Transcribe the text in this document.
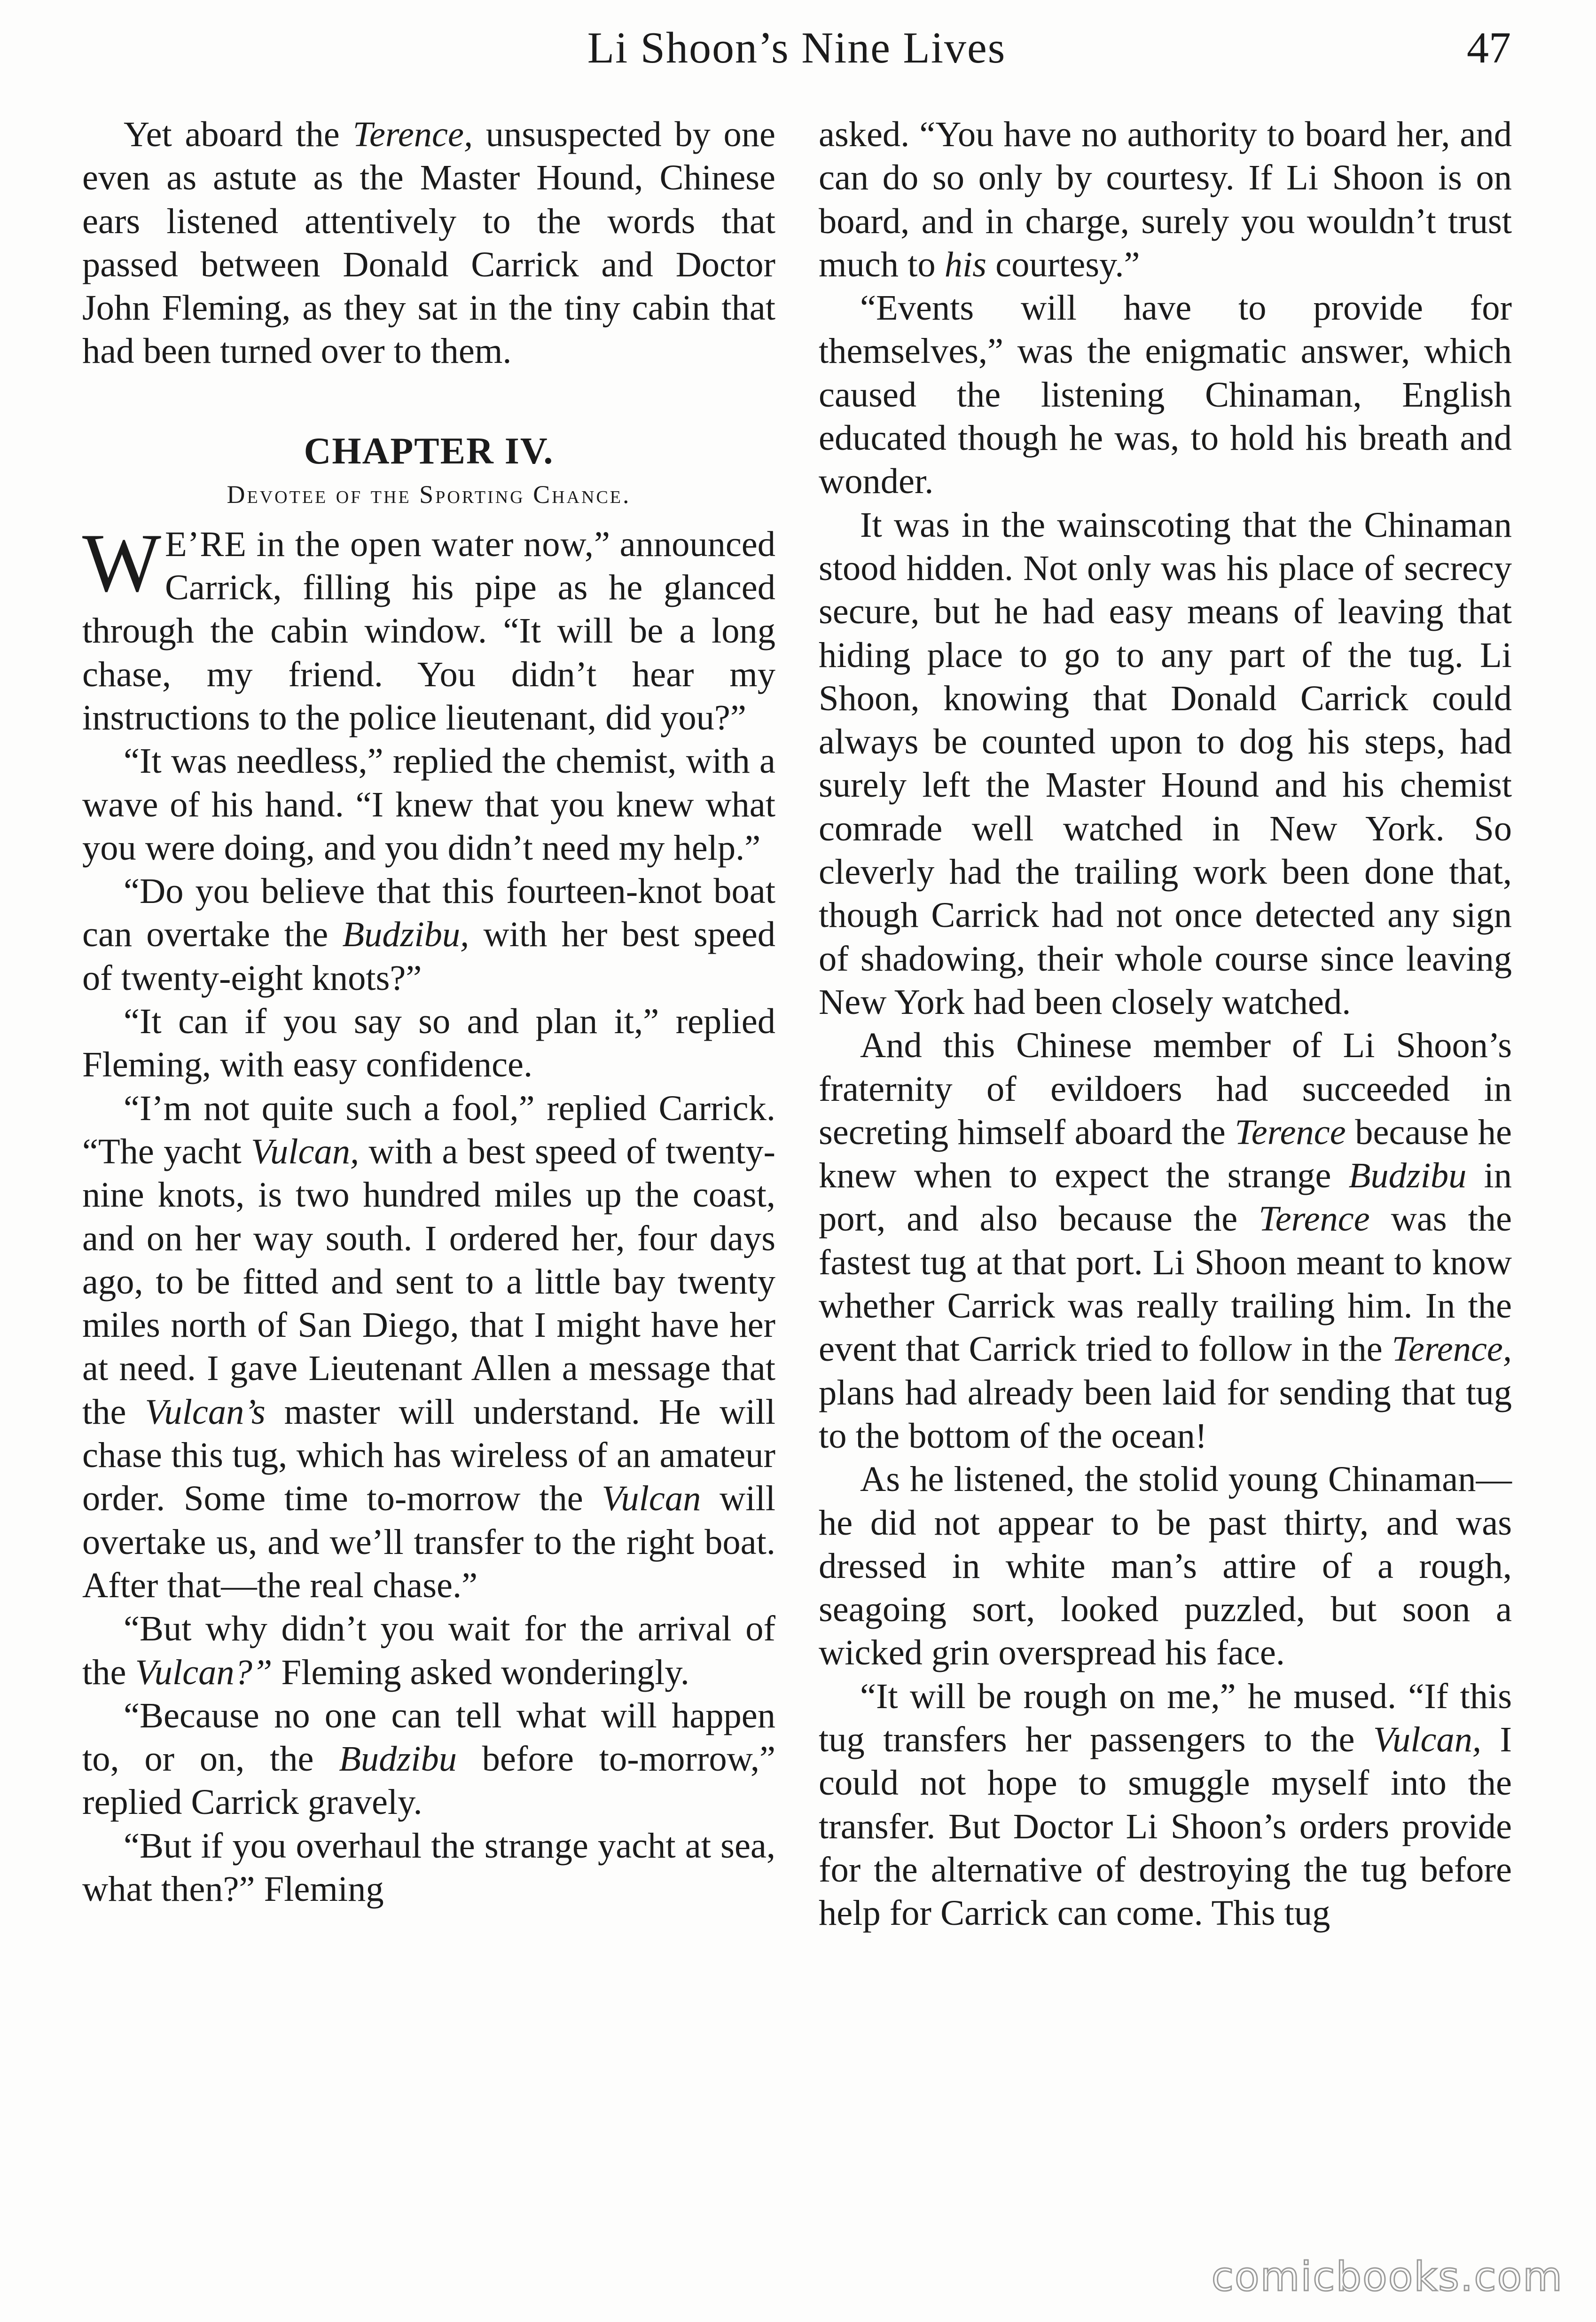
Li Shoon’s Nine Lives	47

Yet aboard the Terence, unsuspected by one even as astute as the Master Hound, Chinese ears listened attentively to the words that passed between Donald Carrick and Doctor John Fleming, as they sat in the tiny cabin that had been turned over to them.

CHAPTER IV.
Devotee of the Sporting Chance.

W E’RE in the open water now,” announced Carrick, filling his pipe as he glanced through the cabin window. “It will be a long chase, my friend. You didn’t hear my instructions to the police lieutenant, did you?”

“It was needless,” replied the chemist, with a wave of his hand. “I knew that you knew what you were doing, and you didn’t need my help.”

“Do you believe that this fourteen-knot boat can overtake the Budzibu, with her best speed of twenty-eight knots?”

“It can if you say so and plan it,” replied Fleming, with easy confidence.

“I’m not quite such a fool,” replied Carrick. “The yacht Vulcan, with a best speed of twenty-nine knots, is two hundred miles up the coast, and on her way south. I ordered her, four days ago, to be fitted and sent to a little bay twenty miles north of San Diego, that I might have her at need. I gave Lieutenant Allen a message that the Vulcan’s master will understand. He will chase this tug, which has wireless of an amateur order. Some time to-morrow the Vulcan will overtake us, and we’ll transfer to the right boat. After that—the real chase.”

“But why didn’t you wait for the arrival of the Vulcan?” Fleming asked wonderingly.

“Because no one can tell what will happen to, or on, the Budzibu before to-morrow,” replied Carrick gravely.

“But if you overhaul the strange yacht at sea, what then?” Fleming

asked. “You have no authority to board her, and can do so only by courtesy. If Li Shoon is on board, and in charge, surely you wouldn’t trust much to his courtesy.”

“Events will have to provide for themselves,” was the enigmatic answer, which caused the listening Chinaman, English educated though he was, to hold his breath and wonder.

It was in the wainscoting that the Chinaman stood hidden. Not only was his place of secrecy secure, but he had easy means of leaving that hiding place to go to any part of the tug. Li Shoon, knowing that Donald Carrick could always be counted upon to dog his steps, had surely left the Master Hound and his chemist comrade well watched in New York. So cleverly had the trailing work been done that, though Carrick had not once detected any sign of shadowing, their whole course since leaving New York had been closely watched.

And this Chinese member of Li Shoon’s fraternity of evildoers had succeeded in secreting himself aboard the Terence because he knew when to expect the strange Budzibu in port, and also because the Terence was the fastest tug at that port. Li Shoon meant to know whether Carrick was really trailing him. In the event that Carrick tried to follow in the Terence, plans had already been laid for sending that tug to the bottom of the ocean!

As he listened, the stolid young Chinaman—he did not appear to be past thirty, and was dressed in white man’s attire of a rough, seagoing sort, looked puzzled, but soon a wicked grin overspread his face.

“It will be rough on me,” he mused. “If this tug transfers her passengers to the Vulcan, I could not hope to smuggle myself into the transfer. But Doctor Li Shoon’s orders provide for the alternative of destroying the tug before help for Carrick can come. This tug

comicbooks.com
